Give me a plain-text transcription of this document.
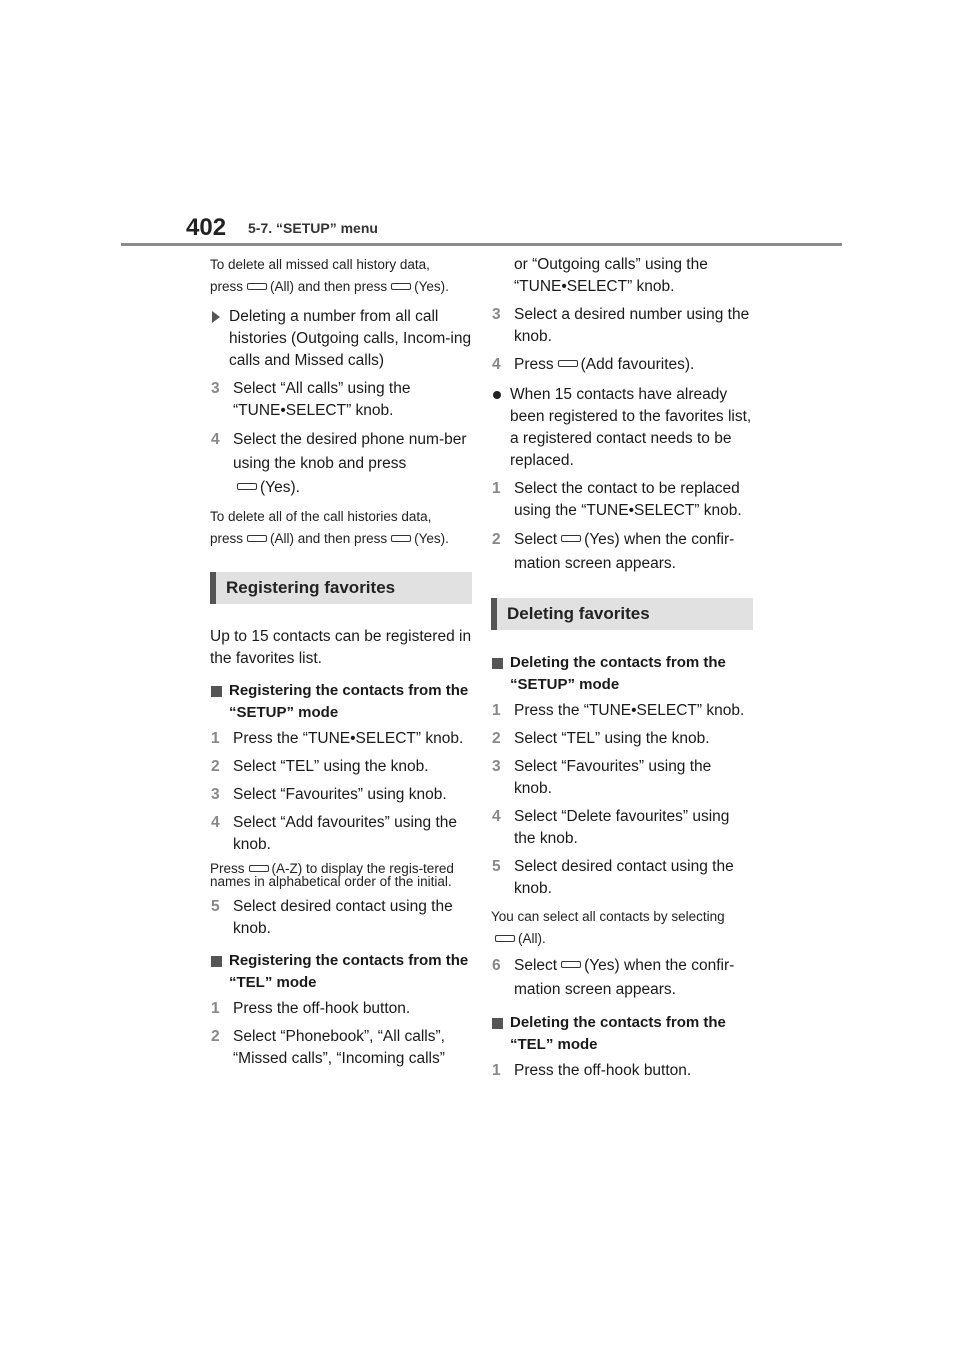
402 5-7. “SETUP” menu

To delete all missed call history data,
press (All) and then press (Yes).

Deleting a number from all call histories (Outgoing calls, Incom-ing calls and Missed calls)
3 Select “All calls” using the “TUNE•SELECT” knob.
4 Select the desired phone num-ber using the knob and press
(Yes).

To delete all of the call histories data,
press (All) and then press (Yes).

Registering favorites

Up to 15 contacts can be registered in the favorites list.

Registering the contacts from the “SETUP” mode
1 Press the “TUNE•SELECT” knob.
2 Select “TEL” using the knob.
3 Select “Favourites” using knob.
4 Select “Add favourites” using the knob.

Press (A-Z) to display the regis-tered names in alphabetical order of the initial.

5 Select desired contact using the knob.
Registering the contacts from the “TEL” mode
1 Press the off-hook button.
2 Select “Phonebook”, “All calls”, “Missed calls”, “Incoming calls”
or “Outgoing calls” using the “TUNE•SELECT” knob.
3 Select a desired number using the knob.
4 Press (Add favourites).
When 15 contacts have already been registered to the favorites list, a registered contact needs to be replaced.
1 Select the contact to be replaced using the “TUNE•SELECT” knob.
2 Select (Yes) when the confir-mation screen appears.
Deleting favorites
Deleting the contacts from the “SETUP” mode
1 Press the “TUNE•SELECT” knob.
2 Select “TEL” using the knob.
3 Select “Favourites” using the knob.
4 Select “Delete favourites” using the knob.
5 Select desired contact using the knob.

You can select all contacts by selecting
(All).

6 Select (Yes) when the confir-mation screen appears.
Deleting the contacts from the “TEL” mode
1 Press the off-hook button.
